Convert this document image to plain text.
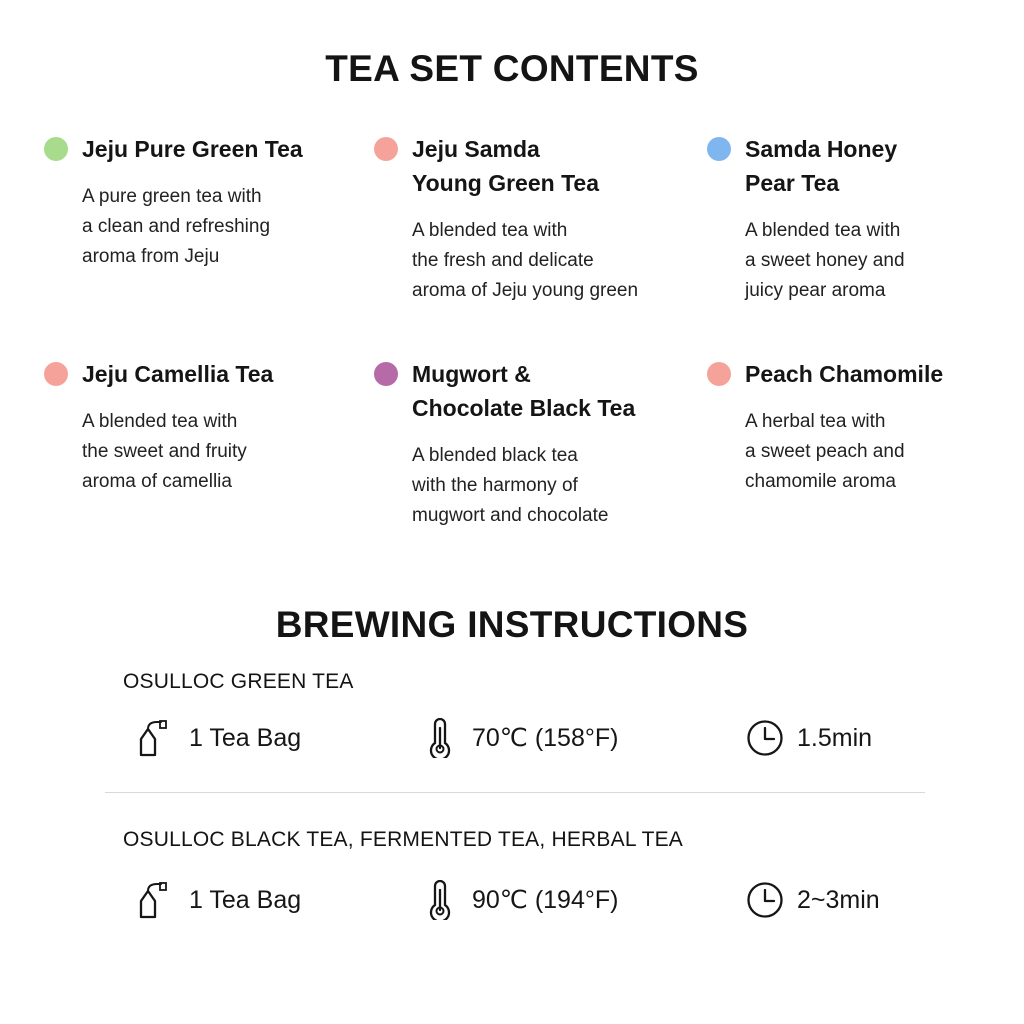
TEA SET CONTENTS
Jeju Pure Green Tea
A pure green tea with
a clean and refreshing
aroma from Jeju
Jeju Samda
Young Green Tea
A blended tea with
the fresh and delicate
aroma of Jeju young green
Samda Honey
Pear Tea
A blended tea with
a sweet honey and
juicy pear aroma
Jeju Camellia Tea
A blended tea with
the sweet and fruity
aroma of camellia
Mugwort &
Chocolate Black Tea
A blended black tea
with the harmony of
mugwort and chocolate
Peach Chamomile
A herbal tea with
a sweet peach and
chamomile aroma
BREWING INSTRUCTIONS
OSULLOC GREEN TEA
1 Tea Bag	70℃ (158°F)	1.5min
OSULLOC BLACK TEA, FERMENTED TEA, HERBAL TEA
1 Tea Bag	90℃ (194°F)	2~3min
